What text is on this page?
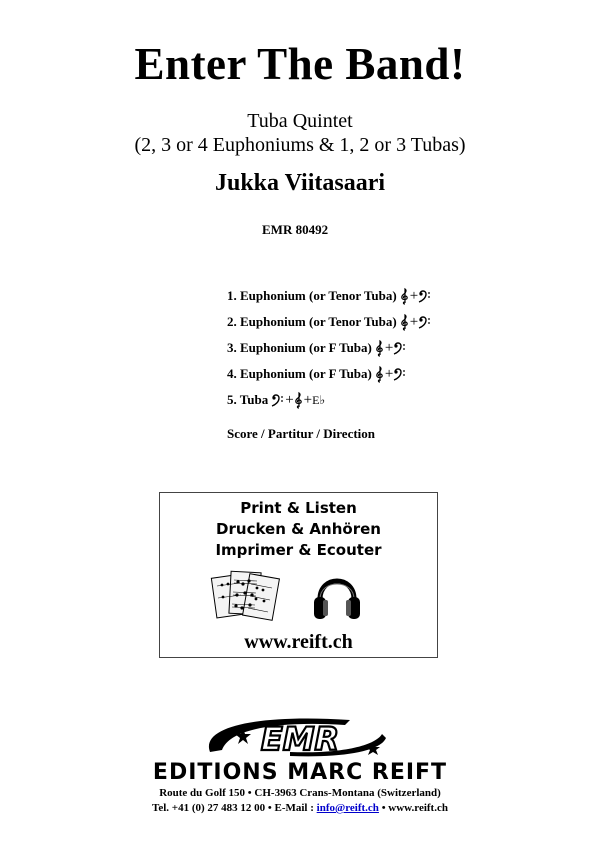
Enter The Band!
Tuba Quintet
(2, 3 or 4 Euphoniums & 1, 2 or 3 Tubas)
Jukka Viitasaari
EMR 80492
1. Euphonium (or Tenor Tuba) +
2. Euphonium (or Tenor Tuba) +
3. Euphonium (or F Tuba) +
4. Euphonium (or F Tuba) +
5. Tuba + + E♭
Score / Partitur / Direction
Print & Listen
Drucken & Anhören
Imprimer & Ecouter
www.reift.ch
EMR
EDITIONS MARC REIFT
Route du Golf 150 • CH-3963 Crans-Montana (Switzerland)
Tel. +41 (0) 27 483 12 00 • E-Mail : info@reift.ch • www.reift.ch
